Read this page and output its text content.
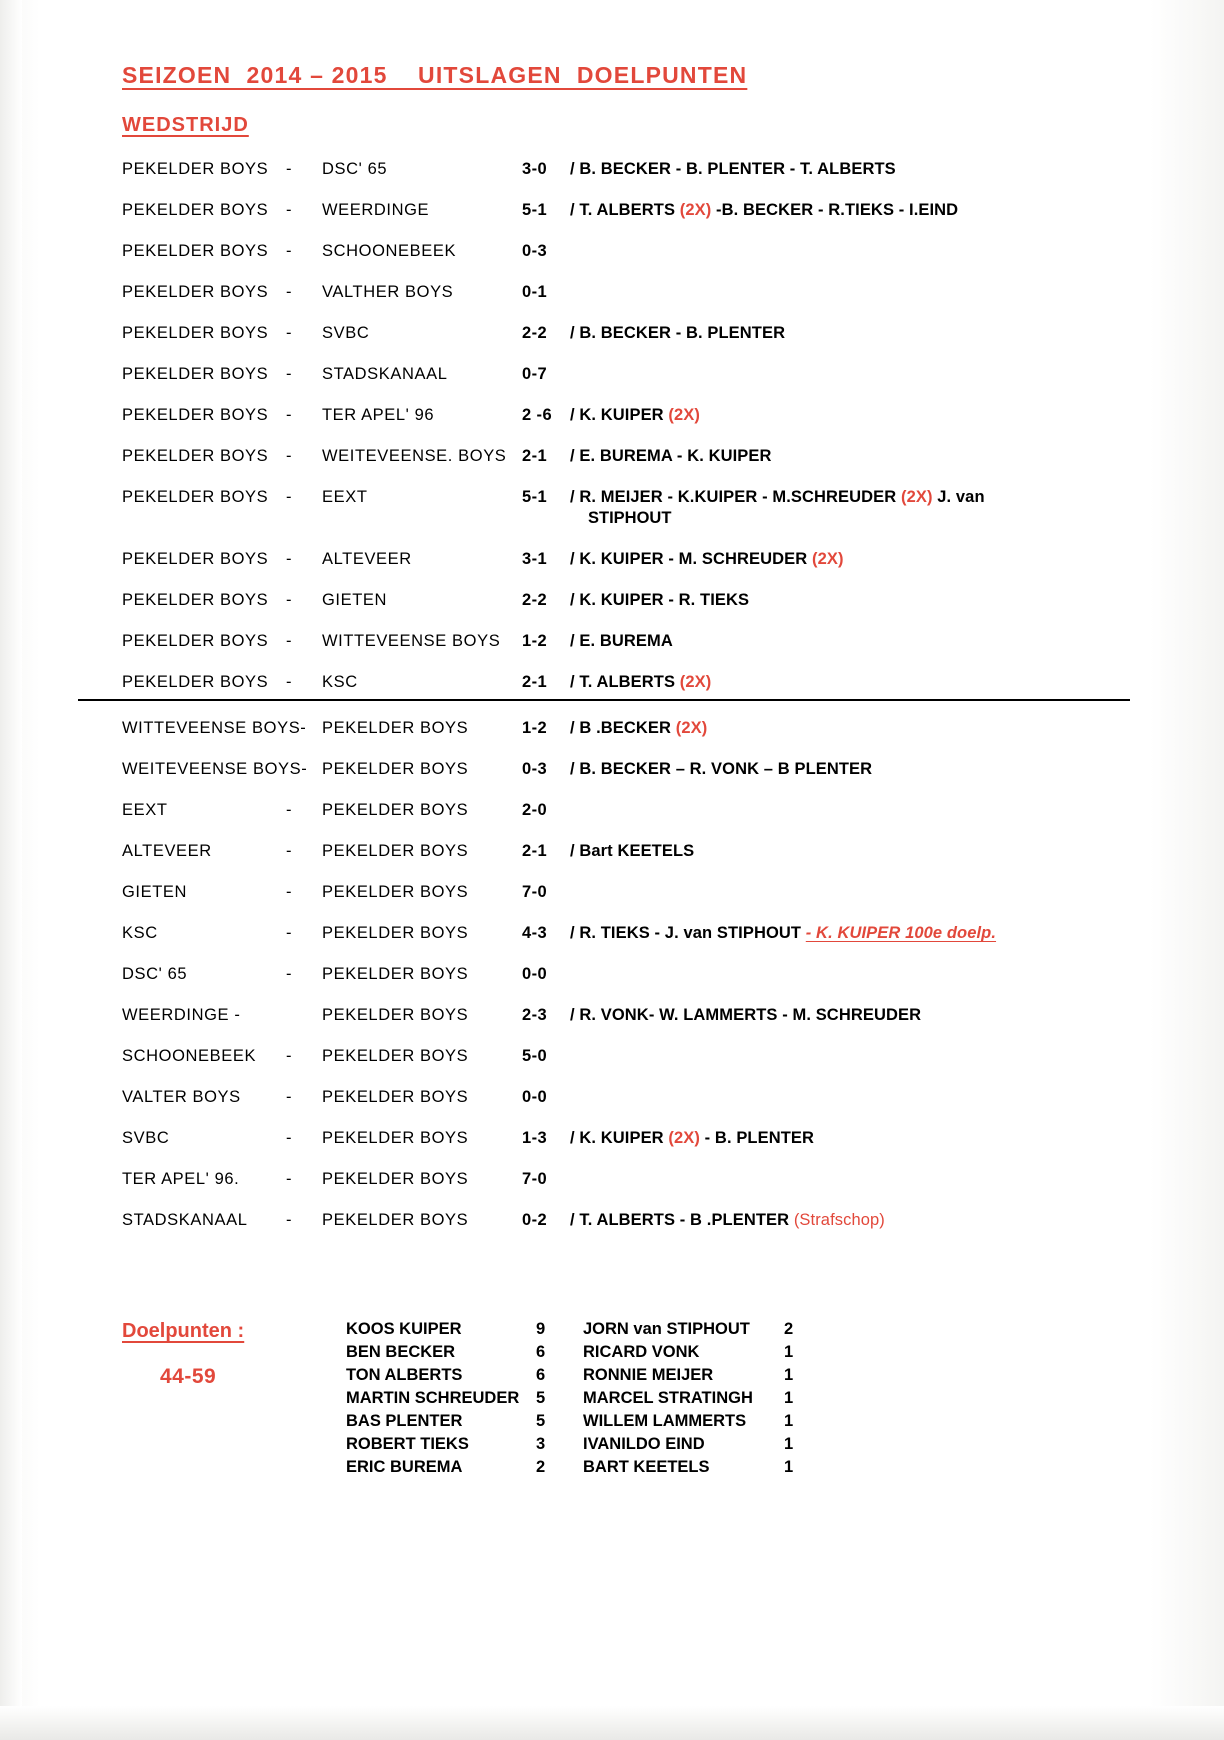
SEIZOEN  2014 – 2015    UITSLAGEN  DOELPUNTEN
WEDSTRIJD
PEKELDER BOYS	-	DSC' 65	3-0	/ B. BECKER - B. PLENTER - T. ALBERTS
PEKELDER BOYS	-	WEERDINGE	5-1	/ T. ALBERTS (2X) -B. BECKER - R.TIEKS - I.EIND
PEKELDER BOYS	-	SCHOONEBEEK	0-3
PEKELDER BOYS	-	VALTHER BOYS	0-1
PEKELDER BOYS	-	SVBC	2-2	/ B. BECKER - B. PLENTER
PEKELDER BOYS	-	STADSKANAAL	0-7
PEKELDER BOYS	-	TER APEL' 96	2 -6	/ K. KUIPER (2X)
PEKELDER BOYS	-	WEITEVEENSE. BOYS 2-1	/ E. BUREMA - K. KUIPER
PEKELDER BOYS	-	EEXT	5-1	/ R. MEIJER - K.KUIPER - M.SCHREUDER (2X) J. van
STIPHOUT
PEKELDER BOYS	-	ALTEVEER	3-1	/ K. KUIPER - M. SCHREUDER (2X)
PEKELDER BOYS	-	GIETEN	2-2	/ K. KUIPER - R. TIEKS
PEKELDER BOYS	-	WITTEVEENSE BOYS	1-2	/ E. BUREMA
PEKELDER BOYS	-	KSC	2-1	/ T. ALBERTS (2X)
WITTEVEENSE BOYS- PEKELDER BOYS	1-2	/ B .BECKER (2X)
WEITEVEENSE BOYS- PEKELDER BOYS	0-3	/ B. BECKER – R. VONK – B PLENTER
EEXT	-	PEKELDER BOYS	2-0
ALTEVEER	-	PEKELDER BOYS	2-1	/ Bart KEETELS
GIETEN	-	PEKELDER BOYS	7-0
KSC	-	PEKELDER BOYS	4-3	/ R. TIEKS - J. van STIPHOUT - K. KUIPER 100e doelp.
DSC' 65	-	PEKELDER BOYS	0-0
WEERDINGE -	PEKELDER BOYS	2-3	/ R. VONK- W. LAMMERTS - M. SCHREUDER
SCHOONEBEEK	-	PEKELDER BOYS	5-0
VALTER BOYS	-	PEKELDER BOYS	0-0
SVBC	-	PEKELDER BOYS	1-3	/ K. KUIPER (2X) - B. PLENTER
TER APEL' 96.	-	PEKELDER BOYS	7-0
STADSKANAAL	-	PEKELDER BOYS	0-2	/ T. ALBERTS - B .PLENTER (Strafschop)
Doelpunten :
44-59
KOOS KUIPER	9
BEN BECKER	6
TON ALBERTS	6
MARTIN SCHREUDER 5
BAS PLENTER	5
ROBERT TIEKS	3
ERIC BUREMA	2
JORN van STIPHOUT 2
RICARD VONK	1
RONNIE MEIJER	1
MARCEL STRATINGH 1
WILLEM LAMMERTS 1
IVANILDO EIND	1
BART KEETELS	1
